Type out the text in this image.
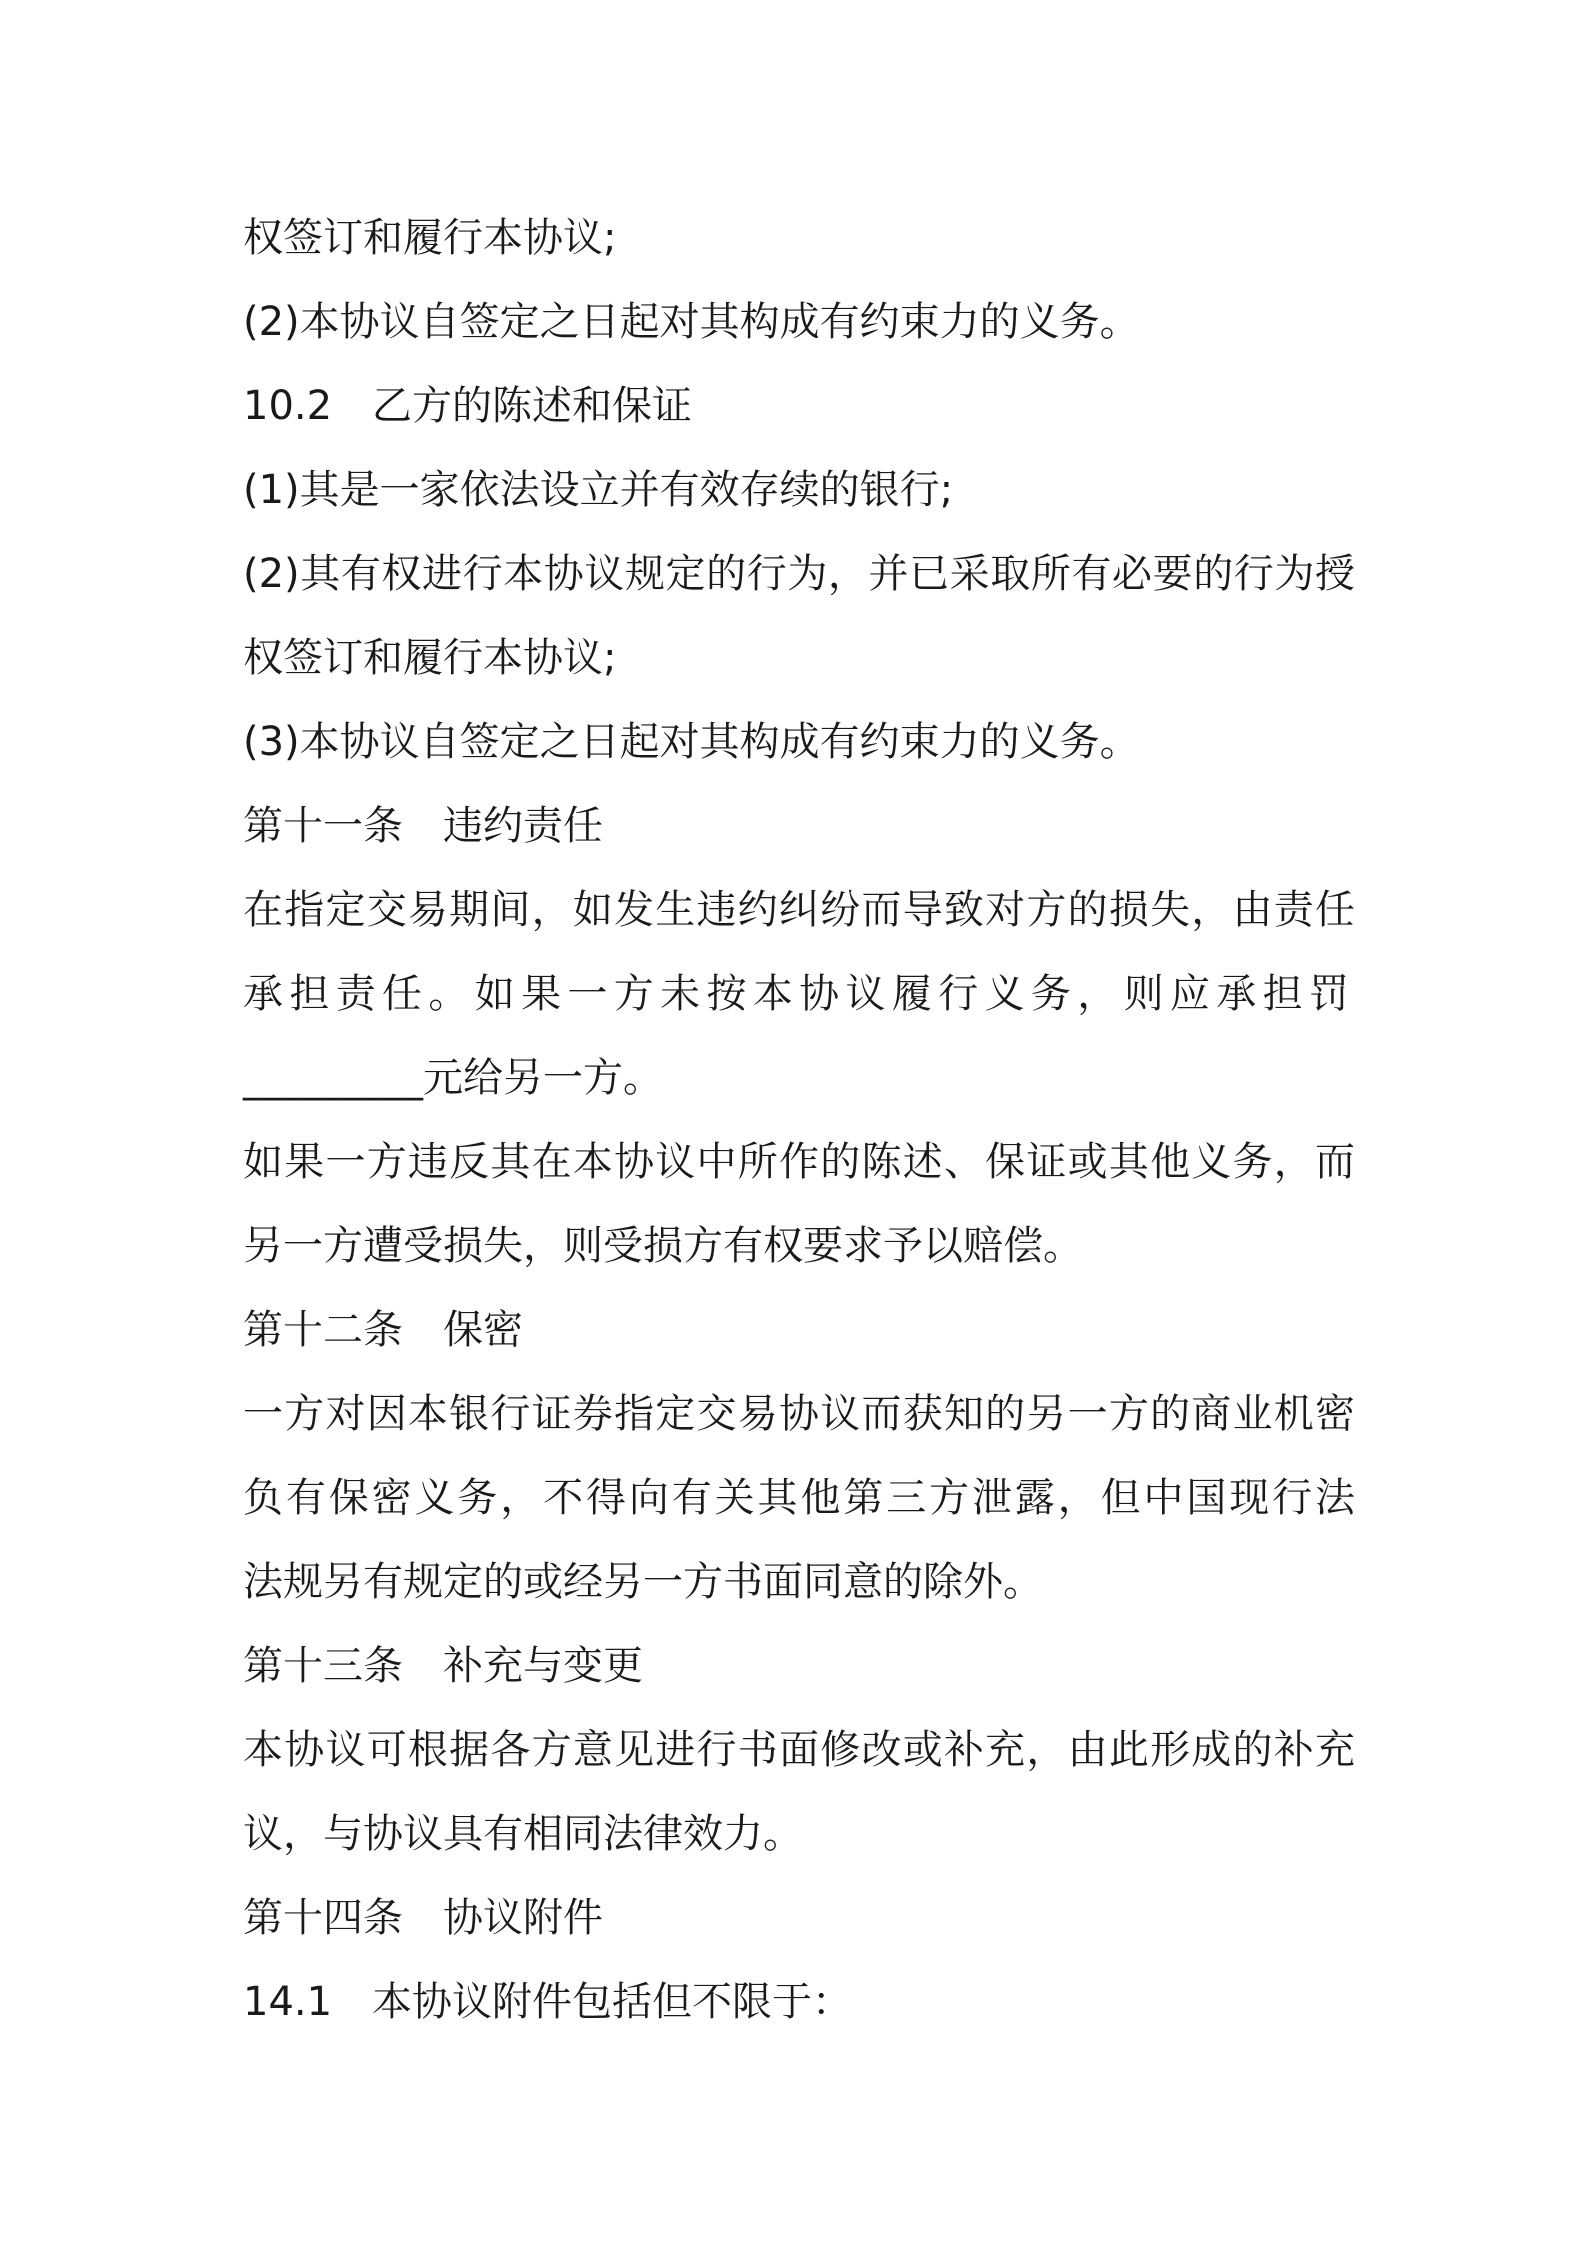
权签订和履行本协议;

(2)本协议自签定之日起对其构成有约束力的义务。

10.2　乙方的陈述和保证

(1)其是一家依法设立并有效存续的银行;

(2)其有权进行本协议规定的行为，并已采取所有必要的行为授

权签订和履行本协议;

(3)本协议自签定之日起对其构成有约束力的义务。

第十一条　违约责任

在指定交易期间，如发生违约纠纷而导致对方的损失，由责任

承担责任。如果一方未按本协议履行义务，则应承担罚

_________元给另一方。

如果一方违反其在本协议中所作的陈述、保证或其他义务，而

另一方遭受损失，则受损方有权要求予以赔偿。

第十二条　保密

一方对因本银行证券指定交易协议而获知的另一方的商业机密

负有保密义务，不得向有关其他第三方泄露，但中国现行法

法规另有规定的或经另一方书面同意的除外。

第十三条　补充与变更

本协议可根据各方意见进行书面修改或补充，由此形成的补充

议，与协议具有相同法律效力。

第十四条　协议附件

14.1　本协议附件包括但不限于：
